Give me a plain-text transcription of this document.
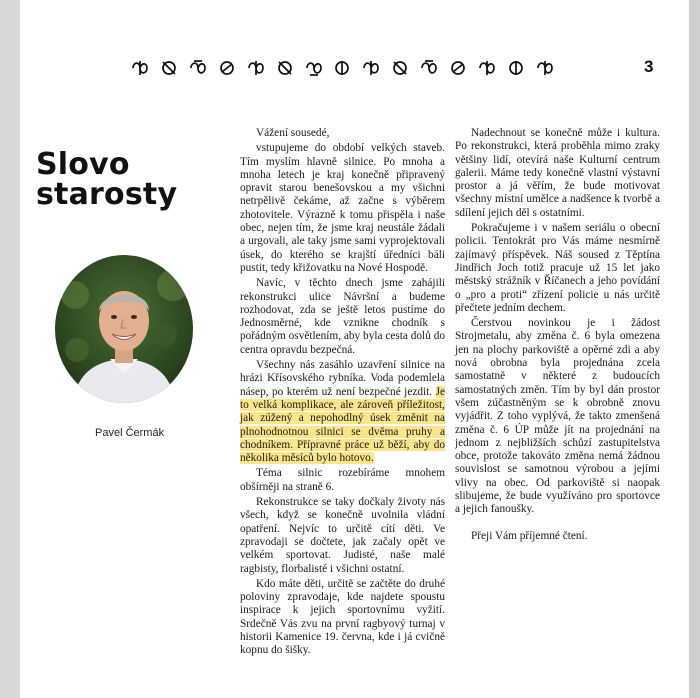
3
Slovo
starosty
Pavel Čermák

Vážení sousedé,

vstupujeme do období velkých staveb. Tím myslím hlavně silnice. Po mnoha a mnoha letech je kraj konečně připravený opravit starou benešovskou a my všichni netrpělivě čekáme, až začne s výběrem zhotovitele. Výrazně k tomu přispěla i naše obec, nejen tím, že jsme kraj neustále žádali a urgovali, ale taky jsme sami vyprojektovali úsek, do kterého se krajští úředníci báli pustit, tedy křižovatku na Nové Hospodě.

Navíc, v těchto dnech jsme zahájili rekonstrukci ulice Návršní a budeme rozhodovat, zda se ještě letos pustíme do Jednosměrné, kde vznikne chodník s pořádným osvětlením, aby byla cesta dolů do centra opravdu bezpečná.

Všechny nás zasáhlo uzavření silnice na hrázi Křísovského rybníka. Voda podemlela násep, po kterém už není bezpečné jezdit. Je to velká komplikace, ale zároveň příležitost, jak zúžený a nepohodlný úsek změnit na plnohodnotnou silnici se dvěma pruhy a chodníkem. Přípravné práce už běží, aby do několika měsíců bylo hotovo.

Téma silnic rozebíráme mnohem obšírněji na straně 6.

Rekonstrukce se taky dočkaly životy nás všech, když se konečně uvolnila vládní opatření. Nejvíc to určitě cítí děti. Ve zpravodaji se dočtete, jak začaly opět ve velkém sportovat. Judisté, naše malé ragbisty, florbalisté i všichni ostatní.

Kdo máte děti, určitě se začtěte do druhé poloviny zpravodaje, kde najdete spoustu inspirace k jejich sportovnímu vyžití. Srdečně Vás zvu na první ragbyový turnaj v historii Kamenice 19. června, kde i já cvičně kopnu do šišky.

Nadechnout se konečně může i kultura. Po rekonstrukci, která proběhla mimo zraky většiny lidí, otevírá naše Kulturní centrum galerii. Máme tedy konečně vlastní výstavní prostor a já věřím, že bude motivovat všechny místní umělce a nadšence k tvorbě a sdílení jejich děl s ostatními.

Pokračujeme i v našem seriálu o obecní policii. Tentokrát pro Vás máme nesmírně zajímavý příspěvek. Náš soused z Těptína Jindřich Joch totiž pracuje už 15 let jako městský strážník v Říčanech a jeho povídání o „pro a proti“ zřízení policie u nás určitě přečtete jedním dechem.

Čerstvou novinkou je i žádost Strojmetalu, aby změna č. 6 byla omezena jen na plochy parkoviště a opěrné zdi a aby nová obrobna byla projednána zcela samostatně v některé z budoucích samostatných změn. Tím by byl dán prostor všem zúčastněným se k obrobně znovu vyjádřit. Z toho vyplývá, že takto zmenšená změna č. 6 ÚP může jít na projednání na jednom z nejbližších schůzí zastupitelstva obce, protože takováto změna nemá žádnou souvislost se samotnou výrobou a jejími vlivy na obec. Od parkoviště si naopak slibujeme, že bude využíváno pro sportovce a jejich fanoušky.

Přeji Vám příjemné čtení.
